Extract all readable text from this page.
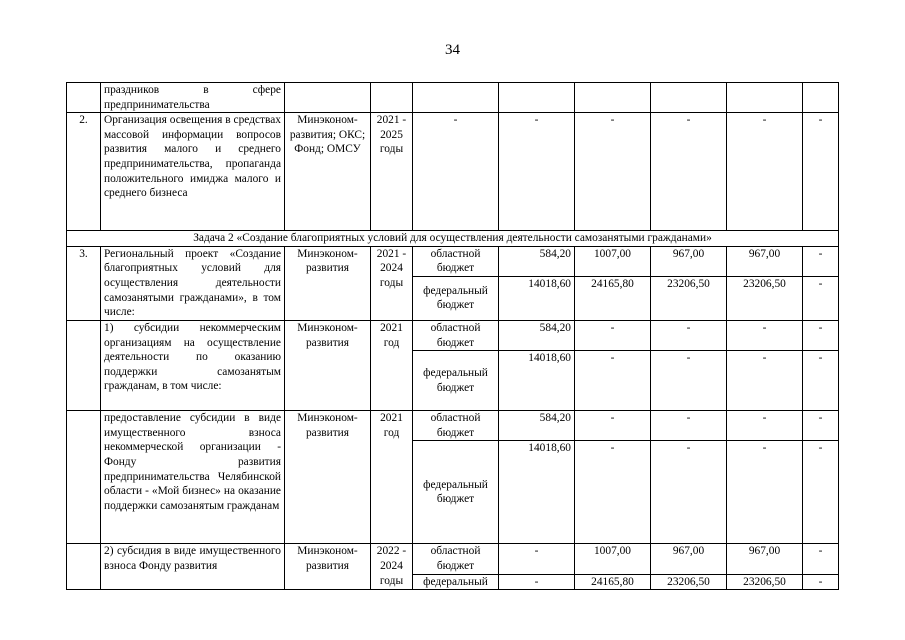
34
	праздников в сфере предпринимательства								
2.	Организация освещения в средствах массовой информации вопросов развития малого и среднего предпринимательства, пропаганда положительного имиджа малого и среднего бизнеса	Минэконом-развития; ОКС; Фонд; ОМСУ	2021 - 2025 годы	-	-	-	-	-	-
Задача 2 «Создание благоприятных условий для осуществления деятельности самозанятыми гражданами»									
3.	Региональный проект «Создание благоприятных условий для осуществления деятельности самозанятыми гражданами», в том числе:	Минэконом-развития	2021 - 2024 годы	областной бюджет	584,20	1007,00	967,00	967,00	-
				федеральный бюджет	14018,60	24165,80	23206,50	23206,50	-
	1) субсидии некоммерческим организациям на осуществление деятельности по оказанию поддержки самозанятым гражданам, в том числе:	Минэконом-развития	2021 год	областной бюджет	584,20	-	-	-	-
				федеральный бюджет	14018,60	-	-	-	-
	предоставление субсидии в виде имущественного взноса некоммерческой организации - Фонду развития предпринимательства Челябинской области - «Мой бизнес» на оказание поддержки самозанятым гражданам	Минэконом-развития	2021 год	областной бюджет	584,20	-	-	-	-
				федеральный бюджет	14018,60	-	-	-	-
	2) субсидия в виде имущественного взноса Фонду развития	Минэконом-развития	2022 - 2024 годы	областной бюджет	-	1007,00	967,00	967,00	-
				федеральный	-	24165,80	23206,50	23206,50	-
